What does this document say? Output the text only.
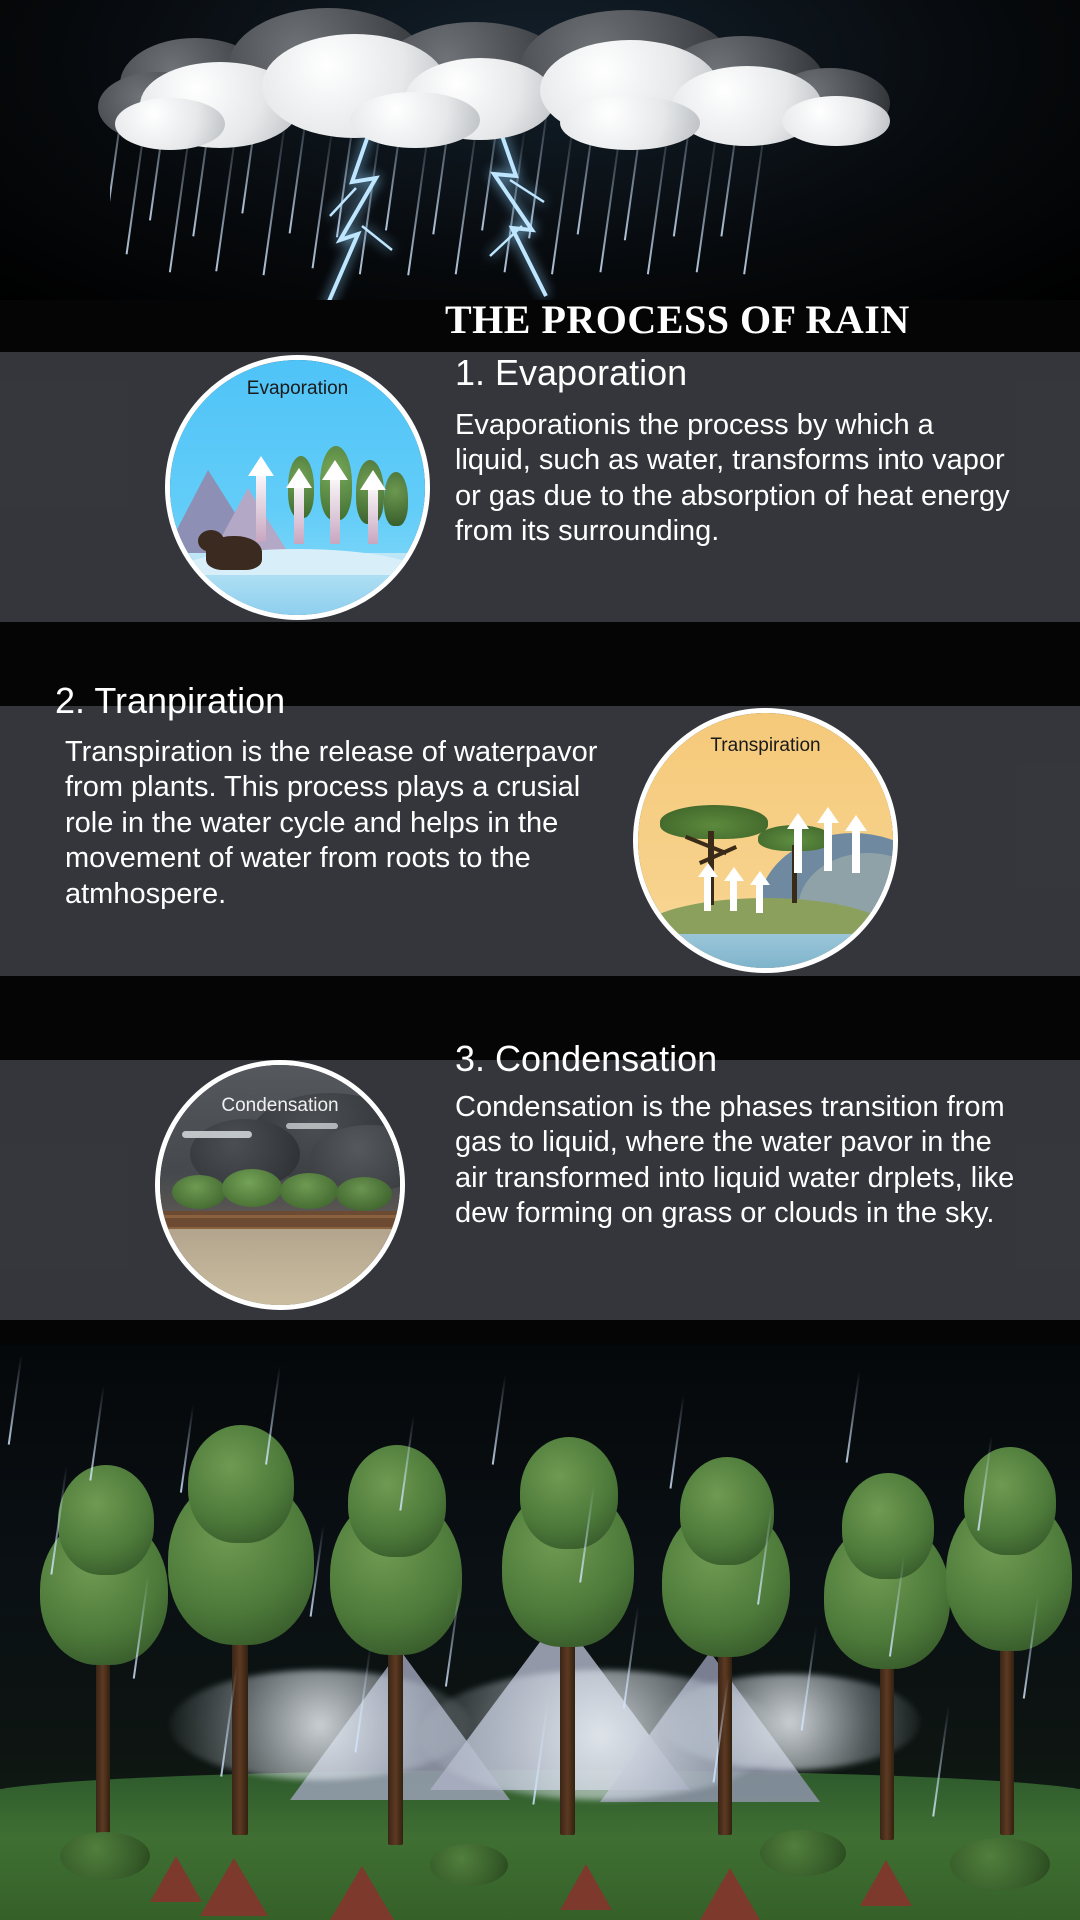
THE PROCESS OF RAIN
Evaporation	1. Evaporation
Evaporationis the process by which a liquid, such as water, transforms into vapor or gas due to the absorption of heat energy from its surrounding.
2. Tranpiration
Transpiration is the release of waterpavor from plants. This process plays a crusial role in the water cycle and helps in the movement of water from roots to the atmhospere.
Transpiration
Condensation
3. Condensation
Condensation is the phases transition from gas to liquid, where the water pavor in the air transformed into liquid water drplets, like dew forming on grass or clouds in the sky.
